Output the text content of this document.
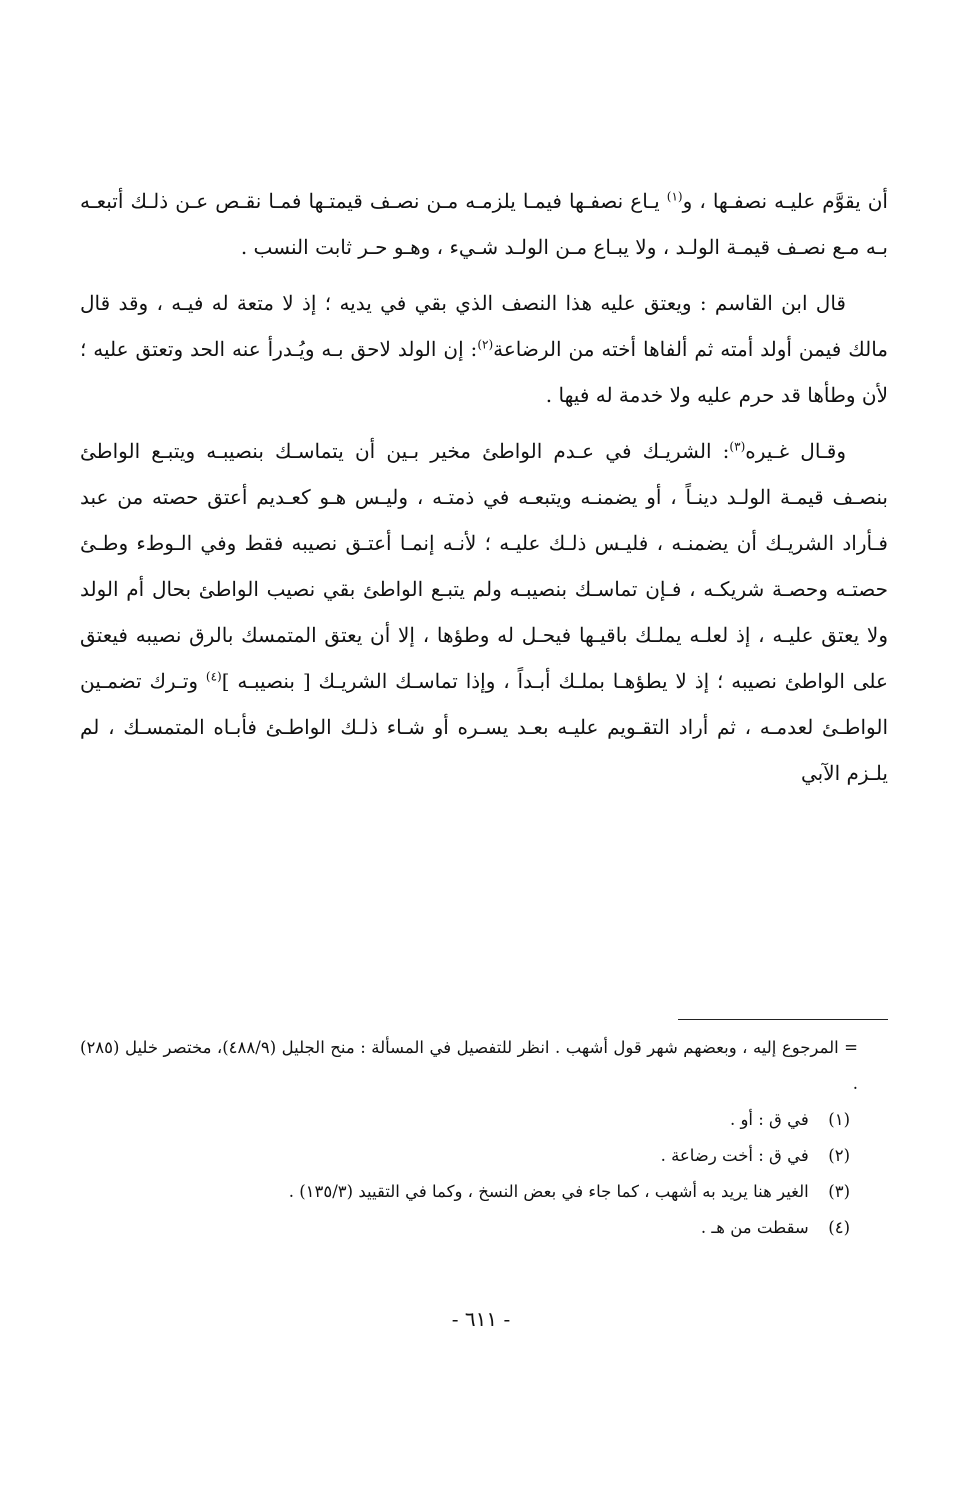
أن يقوَّم عليـه نصفـها ، و$^{(١)}$ يـاع نصفـها فيمـا يلزمـه مـن نصـف قيمتـها فمـا نقـص عـن ذلـك أتبعـه بـه مـع نصـف قيمـة الولـد ، ولا يبـاع مـن الولـد شـيء ، وهـو حـر ثابت النسب .

قال ابن القاسم : ويعتق عليه هذا النصف الذي بقي في يديه ؛ إذ لا متعة له فيـه ، وقد قال مالك فيمن أولد أمته ثم ألفاها أخته من الرضاعة$^{(٢)}$: إن الولد لاحق بـه ويُـدرأ عنه الحد وتعتق عليه ؛ لأن وطأها قد حرم عليه ولا خدمة له فيها .

وقـال غـيره$^{(٣)}$: الشريـك في عـدم الواطئ مخير بـين أن يتماسـك بنصيبـه ويتبـع الواطئ بنصـف قيمـة الولـد دينـاً ، أو يضمنـه ويتبعـه في ذمتـه ، وليـس هـو كعـديم أعتق حصته من عبد فـأراد الشريـك أن يضمنـه ، فليـس ذلـك عليـه ؛ لأنـه إنمـا أعتـق نصيبه فقط وفي الـوطء وطـئ حصتـه وحصـة شريكـه ، فـإن تماسـك بنصيبـه ولم يتبـع الواطئ بقي نصيب الواطئ بحال أم الولد ولا يعتق عليـه ، إذ لعلـه يملـك باقيـها فيحـل له وطؤها ، إلا أن يعتق المتمسك بالرق نصيبه فيعتق على الواطئ نصيبه ؛ إذ لا يطؤهـا بملـك أبـداً ، وإذا تماسـك الشريـك [ بنصيبـه ]$^{(٤)}$ وتـرك تضمـين الواطـئ لعدمـه ، ثم أراد التقـويم عليـه بعـد يسـره أو شـاء ذلـك الواطـئ فأبـاه المتمسـك ، لم يلـزم الآبي

= المرجوع إليه ، وبعضهم شهر قول أشهب . انظر للتفصيل في المسألة : منح الجليل (٤٨٨/٩)، مختصر خليل (٢٨٥) .

(١) في ق : أو .

(٢) في ق : أخت رضاعة .

(٣) الغير هنا يريد به أشهب ، كما جاء في بعض النسخ ، وكما في التقييد (١٣٥/٣) .

(٤) سقطت من هـ .

- ٦١١ -
